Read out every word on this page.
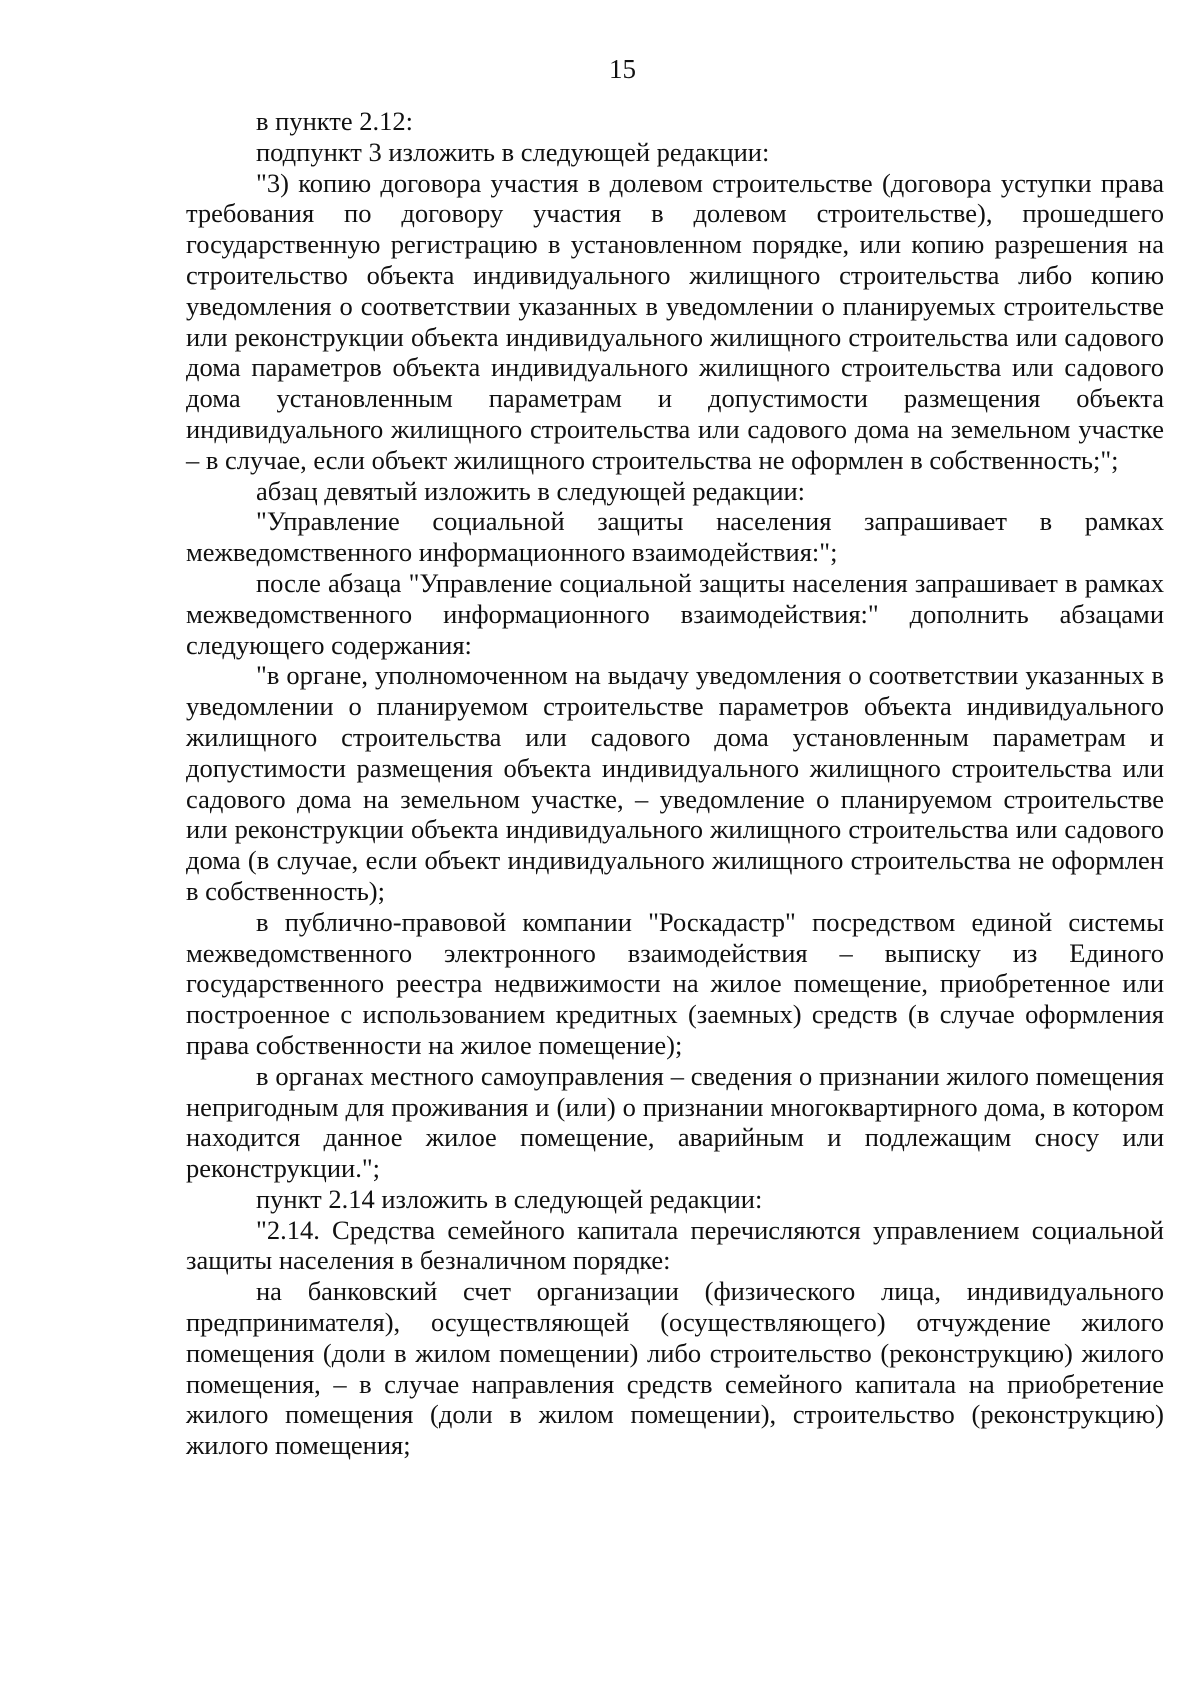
15

в пункте 2.12:

подпункт 3 изложить в следующей редакции:

"3) копию договора участия в долевом строительстве (договора уступки права требования по договору участия в долевом строительстве), прошедшего государственную регистрацию в установленном порядке, или копию разрешения на строительство объекта индивидуального жилищного строительства либо копию уведомления о соответствии указанных в уведомлении о планируемых строительстве или реконструкции объекта индивидуального жилищного строительства или садового дома параметров объекта индивидуального жилищного строительства или садового дома установленным параметрам и допустимости размещения объекта индивидуального жилищного строительства или садового дома на земельном участке – в случае, если объект жилищного строительства не оформлен в собственность;";

абзац девятый изложить в следующей редакции:

"Управление социальной защиты населения запрашивает в рамках межведомственного информационного взаимодействия:";

после абзаца "Управление социальной защиты населения запрашивает в рамках межведомственного информационного взаимодействия:" дополнить абзацами следующего содержания:

"в органе, уполномоченном на выдачу уведомления о соответствии указанных в уведомлении о планируемом строительстве параметров объекта индивидуального жилищного строительства или садового дома установленным параметрам и допустимости размещения объекта индивидуального жилищного строительства или садового дома на земельном участке, – уведомление о планируемом строительстве или реконструкции объекта индивидуального жилищного строительства или садового дома (в случае, если объект индивидуального жилищного строительства не оформлен в собственность);

в публично-правовой компании "Роскадастр" посредством единой системы межведомственного электронного взаимодействия – выписку из Единого государственного реестра недвижимости на жилое помещение, приобретенное или построенное с использованием кредитных (заемных) средств (в случае оформления права собственности на жилое помещение);

в органах местного самоуправления – сведения о признании жилого помещения непригодным для проживания и (или) о признании многоквартирного дома, в котором находится данное жилое помещение, аварийным и подлежащим сносу или реконструкции.";

пункт 2.14 изложить в следующей редакции:

"2.14. Средства семейного капитала перечисляются управлением социальной защиты населения в безналичном порядке:

на банковский счет организации (физического лица, индивидуального предпринимателя), осуществляющей (осуществляющего) отчуждение жилого помещения (доли в жилом помещении) либо строительство (реконструкцию) жилого помещения, – в случае направления средств семейного капитала на приобретение жилого помещения (доли в жилом помещении), строительство (реконструкцию) жилого помещения;
